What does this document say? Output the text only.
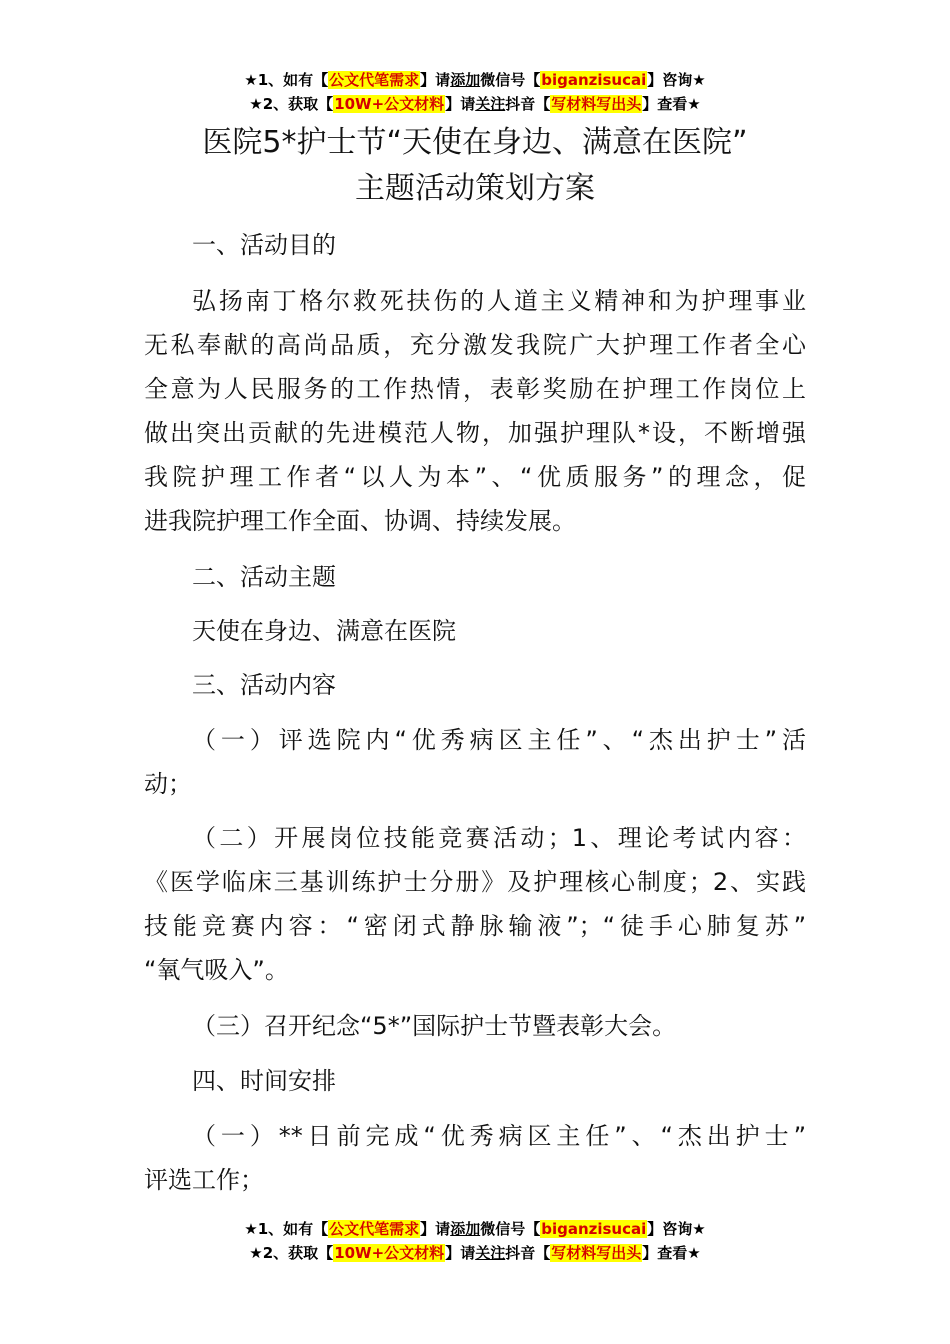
★1、如有【公文代笔需求】请添加微信号【biganzisucai】咨询★
★2、获取【10W+公文材料】请关注抖音【写材料写出头】查看★
医院5*护士节“天使在身边、满意在医院”
主题活动策划方案
一、活动目的
弘扬南丁格尔救死扶伤的人道主义精神和为护理事业
无私奉献的高尚品质，充分激发我院广大护理工作者全心
全意为人民服务的工作热情，表彰奖励在护理工作岗位上
做出突出贡献的先进模范人物，加强护理队*设，不断增强
我院护理工作者“以人为本”、“优质服务”的理念，促
进我院护理工作全面、协调、持续发展。
二、活动主题
天使在身边、满意在医院
三、活动内容
（一）评选院内“优秀病区主任”、“杰出护士”活
动；
（二）开展岗位技能竞赛活动；1、理论考试内容：
《医学临床三基训练护士分册》及护理核心制度；2、实践
技能竞赛内容：“密闭式静脉输液”；“徒手心肺复苏”
“氧气吸入”。
（三）召开纪念“5*”国际护士节暨表彰大会。
四、时间安排
（一）**日前完成“优秀病区主任”、“杰出护士”
评选工作；
★1、如有【公文代笔需求】请添加微信号【biganzisucai】咨询★
★2、获取【10W+公文材料】请关注抖音【写材料写出头】查看★
